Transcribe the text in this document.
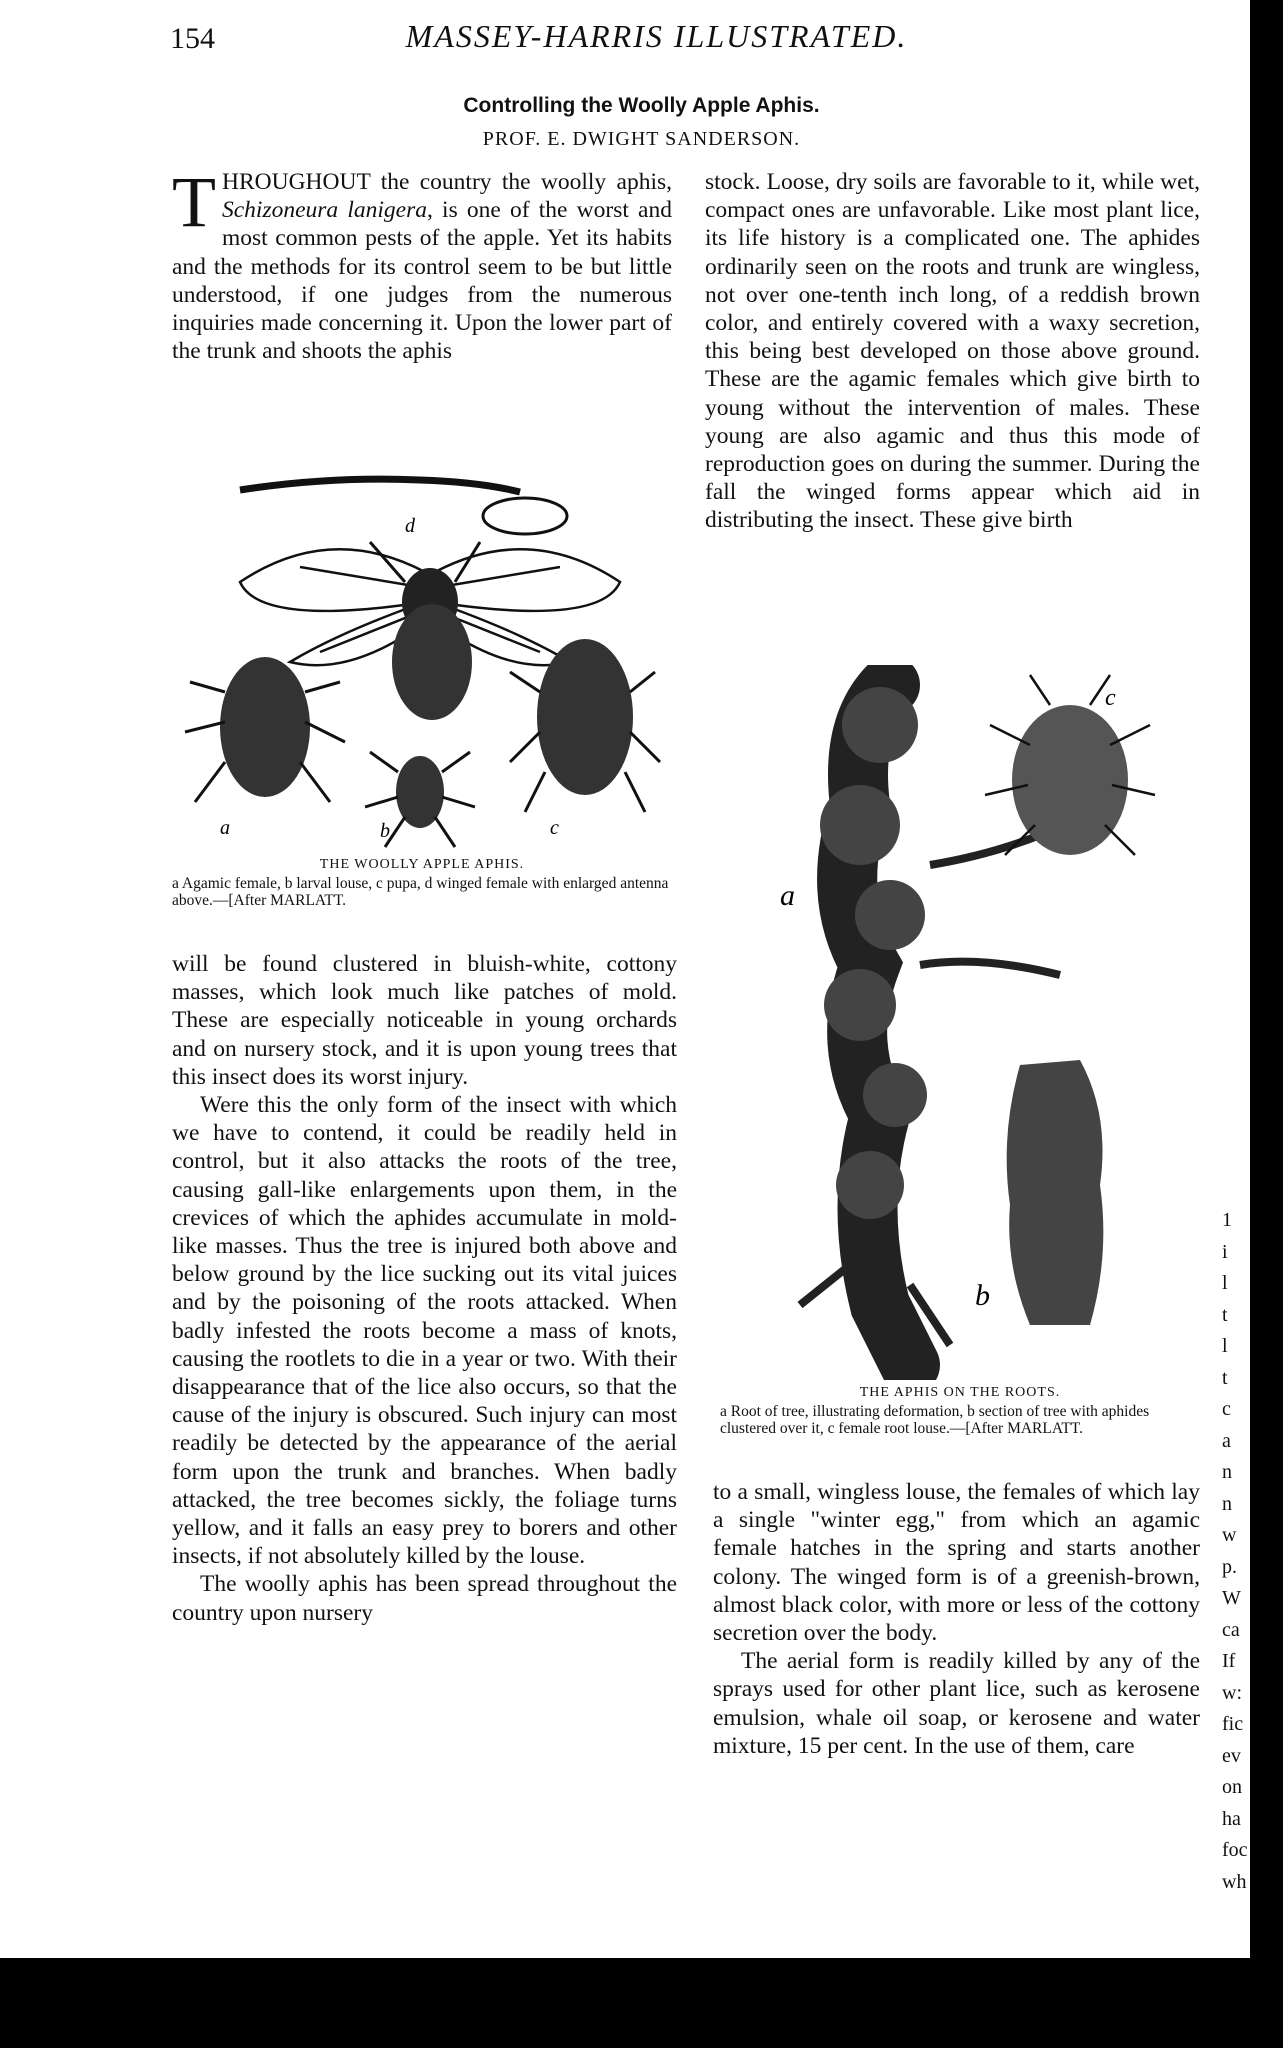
154	MASSEY-HARRIS ILLUSTRATED.
Controlling the Woolly Apple Aphis.
PROF. E. DWIGHT SANDERSON.

T HROUGHOUT the country the woolly aphis, Schizoneura lanigera, is one of the worst and most common pests of the apple. Yet its habits and the methods for its control seem to be but little understood, if one judges from the numerous inquiries made concerning it. Upon the lower part of the trunk and shoots the aphis

a	b	c
d
THE WOOLLY APPLE APHIS.
a Agamic female, b larval louse, c pupa, d winged female with enlarged antenna above.—[After MARLATT.

will be found clustered in bluish-white, cottony masses, which look much like patches of mold. These are especially noticeable in young orchards and on nursery stock, and it is upon young trees that this insect does its worst injury.

Were this the only form of the insect with which we have to contend, it could be readily held in control, but it also attacks the roots of the tree, causing gall-like enlargements upon them, in the crevices of which the aphides accumulate in mold-like masses. Thus the tree is injured both above and below ground by the lice sucking out its vital juices and by the poisoning of the roots attacked. When badly infested the roots become a mass of knots, causing the rootlets to die in a year or two. With their disappearance that of the lice also occurs, so that the cause of the injury is obscured. Such injury can most readily be detected by the appearance of the aerial form upon the trunk and branches. When badly attacked, the tree becomes sickly, the foliage turns yellow, and it falls an easy prey to borers and other insects, if not absolutely killed by the louse.

The woolly aphis has been spread throughout the country upon nursery

stock. Loose, dry soils are favorable to it, while wet, compact ones are unfavorable. Like most plant lice, its life history is a complicated one. The aphides ordinarily seen on the roots and trunk are wingless, not over one-tenth inch long, of a reddish brown color, and entirely covered with a waxy secretion, this being best developed on those above ground. These are the agamic females which give birth to young without the intervention of males. These young are also agamic and thus this mode of reproduction goes on during the summer. During the fall the winged forms appear which aid in distributing the insect. These give birth

a
b
c
THE APHIS ON THE ROOTS.
a Root of tree, illustrating deformation, b section of tree with aphides clustered over it, c female root louse.—[After MARLATT.

to a small, wingless louse, the females of which lay a single "winter egg," from which an agamic female hatches in the spring and starts another colony. The winged form is of a greenish-brown, almost black color, with more or less of the cottony secretion over the body.

The aerial form is readily killed by any of the sprays used for other plant lice, such as kerosene emulsion, whale oil soap, or kerosene and water mixture, 15 per cent. In the use of them, care

1
i
l
t
l
t
c
a
n
n
w
p.
W
ca
If
w:
fic
ev
on
ha
foc
wh
